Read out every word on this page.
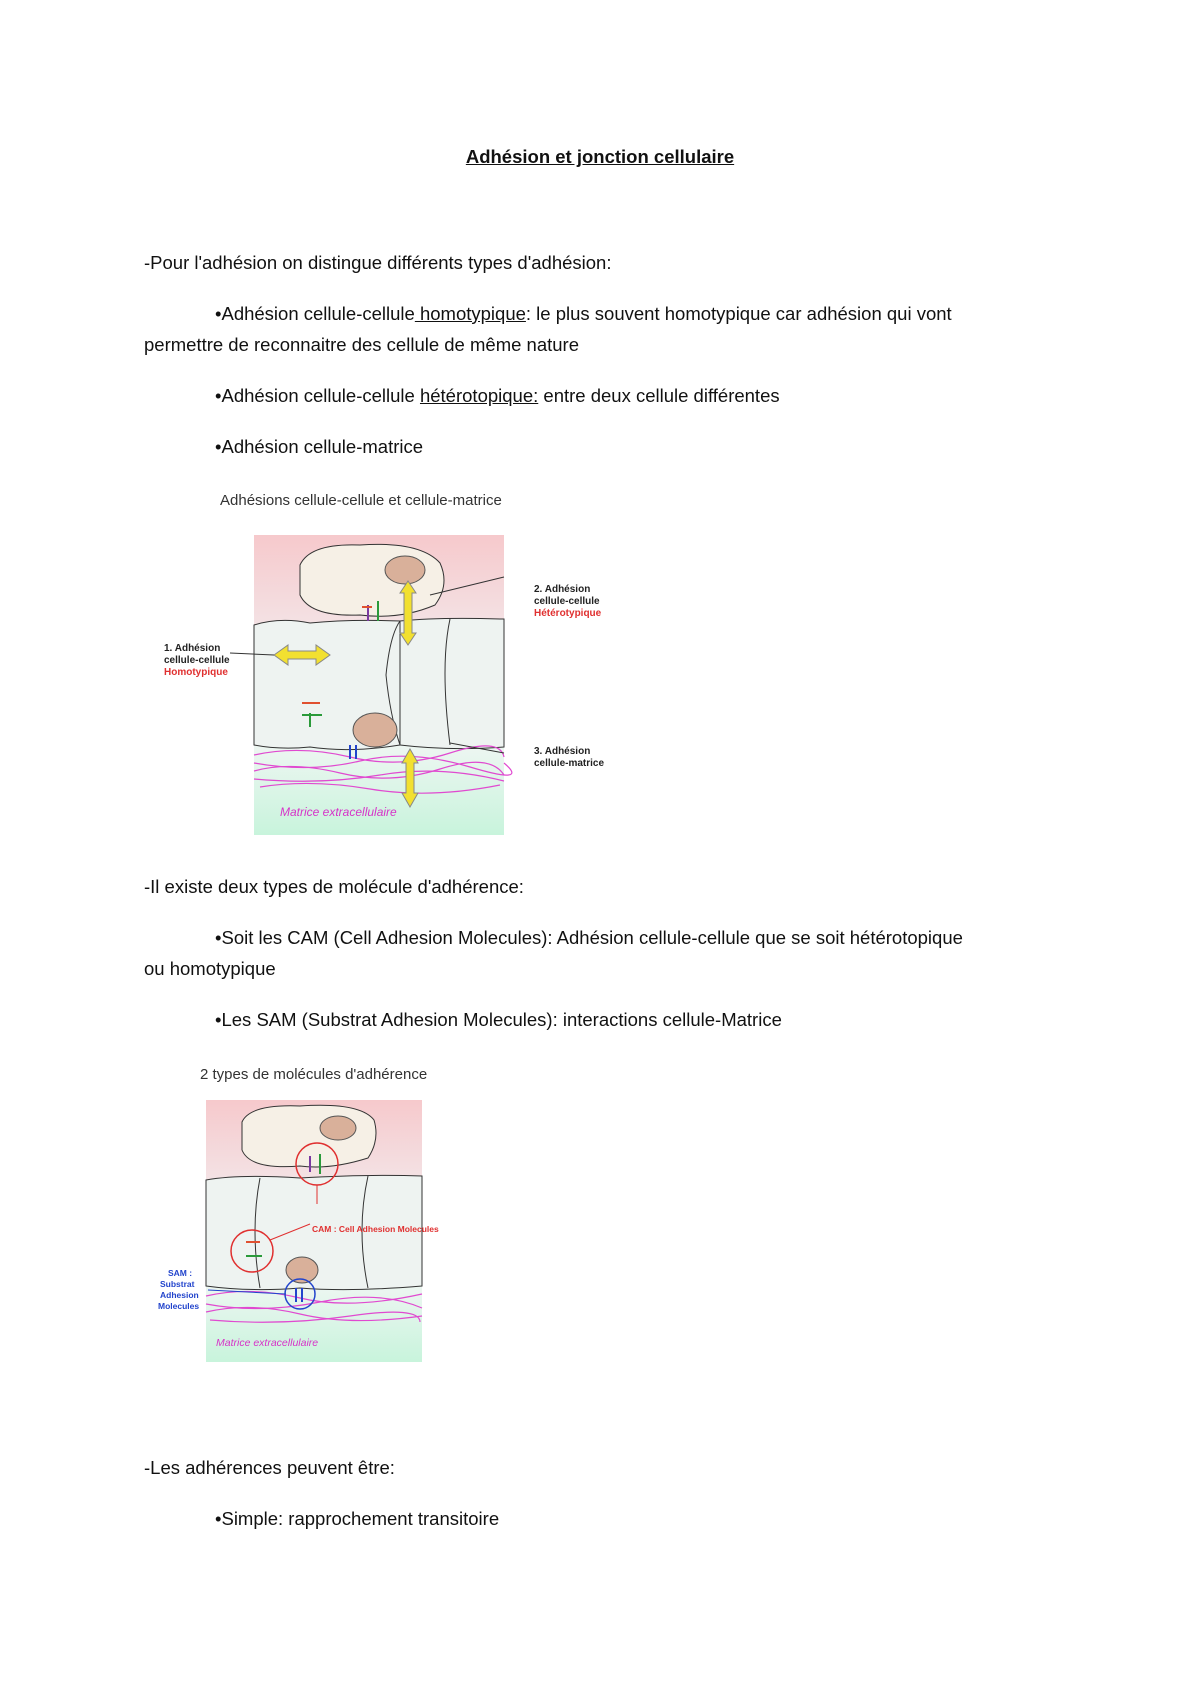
Adhésion et jonction cellulaire
-Pour l'adhésion on distingue différents types d'adhésion:
•Adhésion cellule-cellule homotypique: le plus souvent homotypique car adhésion qui vont
permettre de reconnaitre des cellule de même nature
•Adhésion cellule-cellule hétérotopique: entre deux cellule différentes
•Adhésion cellule-matrice
Adhésions cellule-cellule et cellule-matrice
Matrice extracellulaire
1. Adhésion
cellule-cellule
Homotypique
2. Adhésion
cellule-cellule
Hétérotypique
3. Adhésion
cellule-matrice
-Il existe deux types de molécule d'adhérence:
•Soit les CAM (Cell Adhesion Molecules): Adhésion cellule-cellule que se soit hétérotopique
ou homotypique
•Les SAM (Substrat Adhesion Molecules): interactions cellule-Matrice
2 types de molécules d'adhérence
Matrice extracellulaire
CAM : Cell Adhesion Molecules
SAM :
Substrat
Adhesion
Molecules
-Les adhérences peuvent être:
•Simple: rapprochement transitoire
